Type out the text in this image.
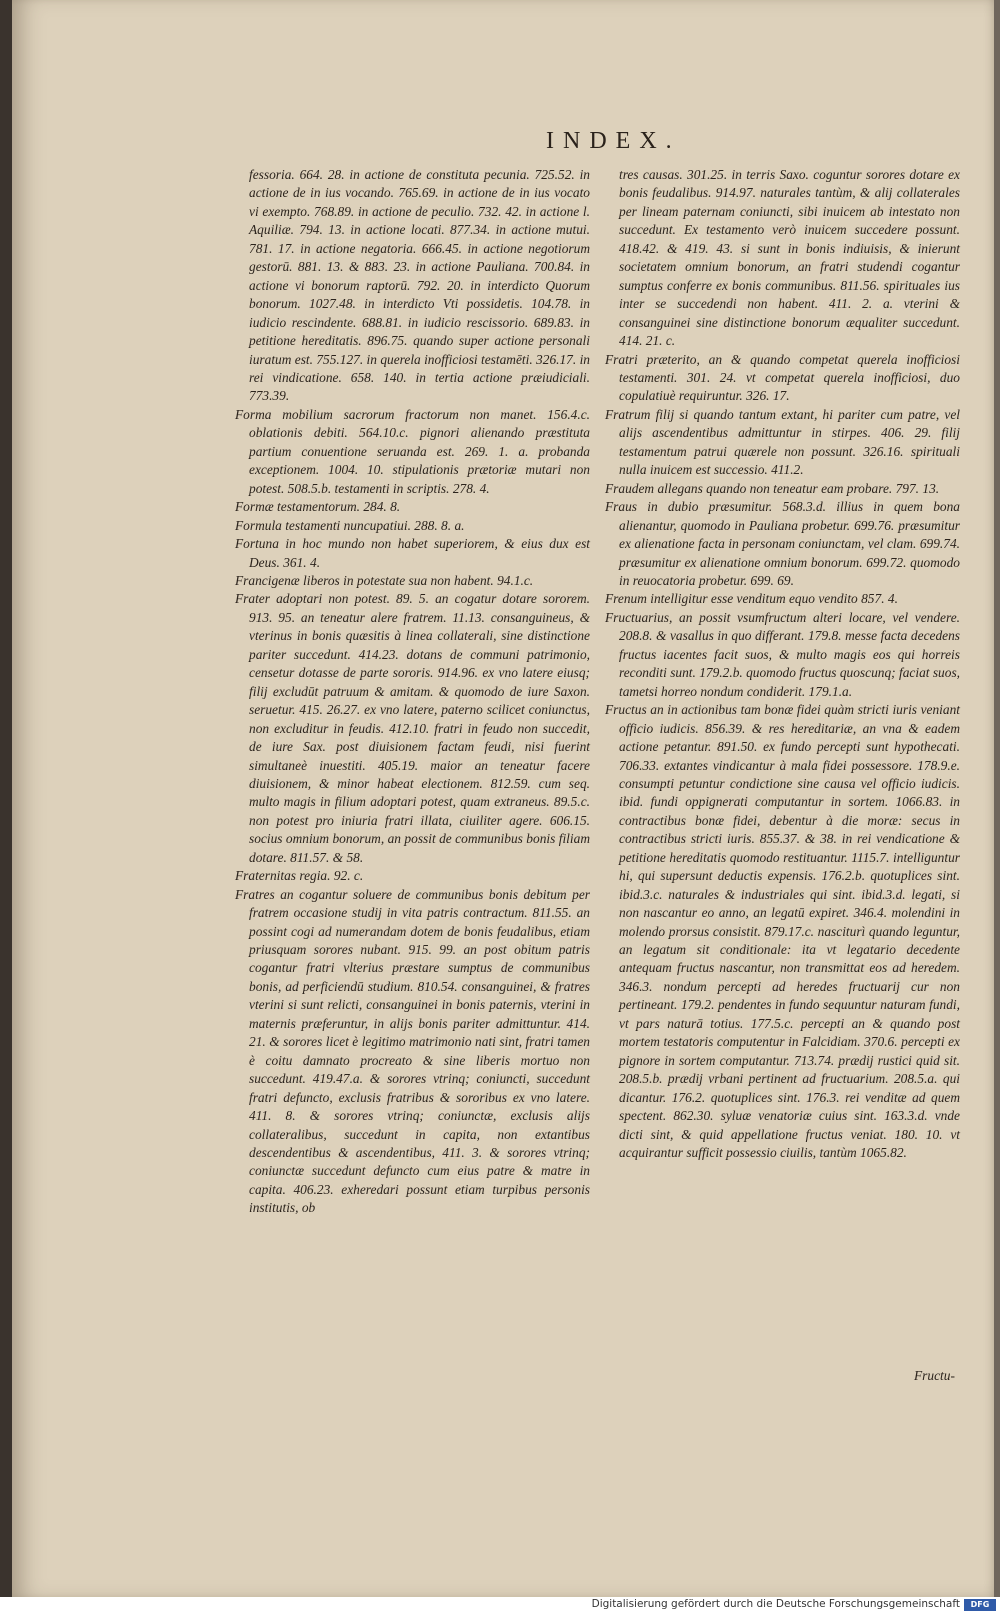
INDEX.

fessoria. 664. 28. in actione de constituta pecunia. 725.52. in actione de in ius vocando. 765.69. in actione de in ius vocato vi exempto. 768.89. in actione de peculio. 732. 42. in actione l. Aquiliæ. 794. 13. in actione locati. 877.34. in actione mutui. 781. 17. in actione negatoria. 666.45. in actione negotiorum gestorū. 881. 13. & 883. 23. in actione Pauliana. 700.84. in actione vi bonorum raptorū. 792. 20. in interdicto Quorum bonorum. 1027.48. in interdicto Vti possidetis. 104.78. in iudicio rescindente. 688.81. in iudicio rescissorio. 689.83. in petitione hereditatis. 896.75. quando super actione personali iuratum est. 755.127. in querela inofficiosi testamēti. 326.17. in rei vindicatione. 658. 140. in tertia actione præiudiciali. 773.39.

Forma mobilium sacrorum fractorum non manet. 156.4.c. oblationis debiti. 564.10.c. pignori alienando præstituta partium conuentione seruanda est. 269. 1. a. probanda exceptionem. 1004. 10. stipulationis prætoriæ mutari non potest. 508.5.b. testamenti in scriptis. 278. 4.

Formæ testamentorum. 284. 8.

Formula testamenti nuncupatiui. 288. 8. a.

Fortuna in hoc mundo non habet superiorem, & eius dux est Deus. 361. 4.

Francigenæ liberos in potestate sua non habent. 94.1.c.

Frater adoptari non potest. 89. 5. an cogatur dotare sororem. 913. 95. an teneatur alere fratrem. 11.13. consanguineus, & vterinus in bonis quæsitis à linea collaterali, sine distinctione pariter succedunt. 414.23. dotans de communi patrimonio, censetur dotasse de parte sororis. 914.96. ex vno latere eiusq; filij excludūt patruum & amitam. & quomodo de iure Saxon. seruetur. 415. 26.27. ex vno latere, paterno scilicet coniunctus, non excluditur in feudis. 412.10. fratri in feudo non succedit, de iure Sax. post diuisionem factam feudi, nisi fuerint simultaneè inuestiti. 405.19. maior an teneatur facere diuisionem, & minor habeat electionem. 812.59. cum seq. multo magis in filium adoptari potest, quam extraneus. 89.5.c. non potest pro iniuria fratri illata, ciuiliter agere. 606.15. socius omnium bonorum, an possit de communibus bonis filiam dotare. 811.57. & 58.

Fraternitas regia. 92. c.

Fratres an cogantur soluere de communibus bonis debitum per fratrem occasione studij in vita patris contractum. 811.55. an possint cogi ad numerandam dotem de bonis feudalibus, etiam priusquam sorores nubant. 915. 99. an post obitum patris cogantur fratri vlterius præstare sumptus de communibus bonis, ad perficiendū studium. 810.54. consanguinei, & fratres vterini si sunt relicti, consanguinei in bonis paternis, vterini in maternis præferuntur, in alijs bonis pariter admittuntur. 414. 21. & sorores licet è legitimo matrimonio nati sint, fratri tamen è coitu damnato procreato & sine liberis mortuo non succedunt. 419.47.a. & sorores vtrinq; coniuncti, succedunt fratri defuncto, exclusis fratribus & sororibus ex vno latere. 411. 8. & sorores vtrinq; coniunctæ, exclusis alijs collateralibus, succedunt in capita, non extantibus descendentibus & ascendentibus, 411. 3. & sorores vtrinq; coniunctæ succedunt defuncto cum eius patre & matre in capita. 406.23. exheredari possunt etiam turpibus personis institutis, ob

tres causas. 301.25. in terris Saxo. coguntur sorores dotare ex bonis feudalibus. 914.97. naturales tantùm, & alij collaterales per lineam paternam coniuncti, sibi inuicem ab intestato non succedunt. Ex testamento verò inuicem succedere possunt. 418.42. & 419. 43. si sunt in bonis indiuisis, & inierunt societatem omnium bonorum, an fratri studendi cogantur sumptus conferre ex bonis communibus. 811.56. spirituales ius inter se succedendi non habent. 411. 2. a. vterini & consanguinei sine distinctione bonorum æqualiter succedunt. 414. 21. c.

Fratri præterito, an & quando competat querela inofficiosi testamenti. 301. 24. vt competat querela inofficiosi, duo copulatiuè requiruntur. 326. 17.

Fratrum filij si quando tantum extant, hi pariter cum patre, vel alijs ascendentibus admittuntur in stirpes. 406. 29. filij testamentum patrui quærele non possunt. 326.16. spirituali nulla inuicem est successio. 411.2.

Fraudem allegans quando non teneatur eam probare. 797. 13.

Fraus in dubio præsumitur. 568.3.d. illius in quem bona alienantur, quomodo in Pauliana probetur. 699.76. præsumitur ex alienatione facta in personam coniunctam, vel clam. 699.74. præsumitur ex alienatione omnium bonorum. 699.72. quomodo in reuocatoria probetur. 699. 69.

Frenum intelligitur esse venditum equo vendito 857. 4.

Fructuarius, an possit vsumfructum alteri locare, vel vendere. 208.8. & vasallus in quo differant. 179.8. messe facta decedens fructus iacentes facit suos, & multo magis eos qui horreis reconditi sunt. 179.2.b. quomodo fructus quoscunq; faciat suos, tametsi horreo nondum condiderit. 179.1.a.

Fructus an in actionibus tam bonæ fidei quàm stricti iuris veniant officio iudicis. 856.39. & res hereditariæ, an vna & eadem actione petantur. 891.50. ex fundo percepti sunt hypothecati. 706.33. extantes vindicantur à mala fidei possessore. 178.9.e. consumpti petuntur condictione sine causa vel officio iudicis. ibid. fundi oppignerati computantur in sortem. 1066.83. in contractibus bonæ fidei, debentur à die moræ: secus in contractibus stricti iuris. 855.37. & 38. in rei vendicatione & petitione hereditatis quomodo restituantur. 1115.7. intelliguntur hi, qui supersunt deductis expensis. 176.2.b. quotuplices sint. ibid.3.c. naturales & industriales qui sint. ibid.3.d. legati, si non nascantur eo anno, an legatū expiret. 346.4. molendini in molendo prorsus consistit. 879.17.c. nasciturì quando leguntur, an legatum sit conditionale: ita vt legatario decedente antequam fructus nascantur, non transmittat eos ad heredem. 346.3. nondum percepti ad heredes fructuarij cur non pertineant. 179.2. pendentes in fundo sequuntur naturam fundi, vt pars naturā totius. 177.5.c. percepti an & quando post mortem testatoris computentur in Falcidiam. 370.6. percepti ex pignore in sortem computantur. 713.74. prædij rustici quid sit. 208.5.b. prædij vrbani pertinent ad fructuarium. 208.5.a. qui dicantur. 176.2. quotuplices sint. 176.3. rei venditæ ad quem spectent. 862.30. syluæ venatoriæ cuius sint. 163.3.d. vnde dicti sint, & quid appellatione fructus veniat. 180. 10. vt acquirantur sufficit possessio ciuilis, tantùm 1065.82.

Fructu-
Digitalisierung gefördert durch die Deutsche Forschungsgemeinschaft	DFG
